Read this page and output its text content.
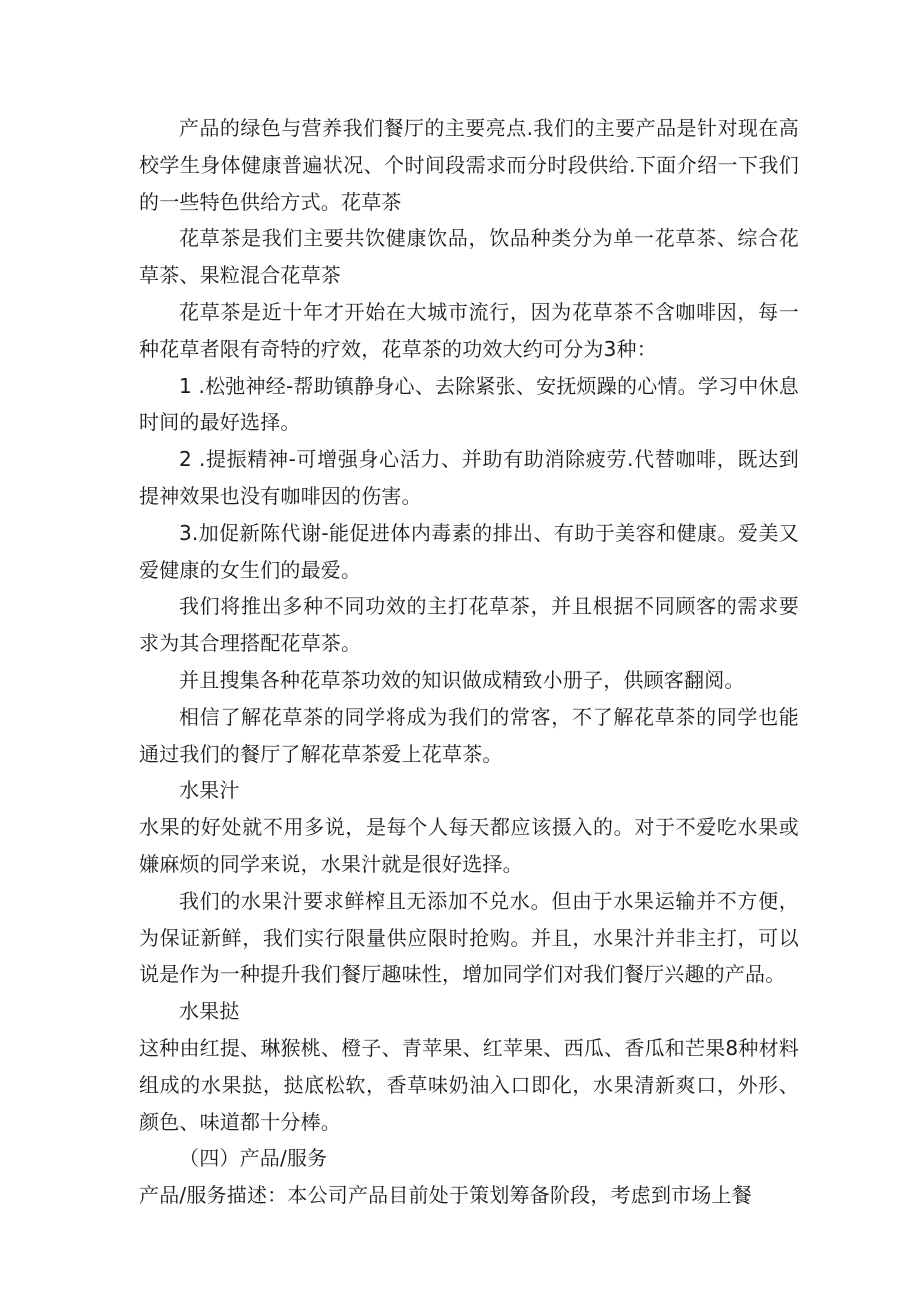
产品的绿色与营养我们餐厅的主要亮点.我们的主要产品是针对现在高校学生身体健康普遍状况、个时间段需求而分时段供给.下面介绍一下我们的一些特色供给方式。花草茶

花草茶是我们主要共饮健康饮品，饮品种类分为单一花草茶、综合花草茶、果粒混合花草茶

花草茶是近十年才开始在大城市流行，因为花草茶不含咖啡因，每一种花草者限有奇特的疗效，花草茶的功效大约可分为3种：

1 .松弛神经-帮助镇静身心、去除紧张、安抚烦躁的心情。学习中休息时间的最好选择。

2 .提振精神-可增强身心活力、并助有助消除疲劳.代替咖啡，既达到提神效果也没有咖啡因的伤害。

3.加促新陈代谢-能促进体内毒素的排出、有助于美容和健康。爱美又爱健康的女生们的最爱。

我们将推出多种不同功效的主打花草茶，并且根据不同顾客的需求要求为其合理搭配花草茶。

并且搜集各种花草茶功效的知识做成精致小册子，供顾客翻阅。

相信了解花草茶的同学将成为我们的常客，不了解花草茶的同学也能通过我们的餐厅了解花草茶爱上花草茶。

水果汁

水果的好处就不用多说，是每个人每天都应该摄入的。对于不爱吃水果或嫌麻烦的同学来说，水果汁就是很好选择。

我们的水果汁要求鲜榨且无添加不兑水。但由于水果运输并不方便，为保证新鲜，我们实行限量供应限时抢购。并且，水果汁并非主打，可以说是作为一种提升我们餐厅趣味性，增加同学们对我们餐厅兴趣的产品。

水果挞

这种由红提、琳猴桃、橙子、青苹果、红苹果、西瓜、香瓜和芒果8种材料组成的水果挞，挞底松软，香草味奶油入口即化，水果清新爽口，外形、颜色、味道都十分棒。

（四）产品/服务

产品/服务描述：本公司产品目前处于策划筹备阶段，考虑到市场上餐
